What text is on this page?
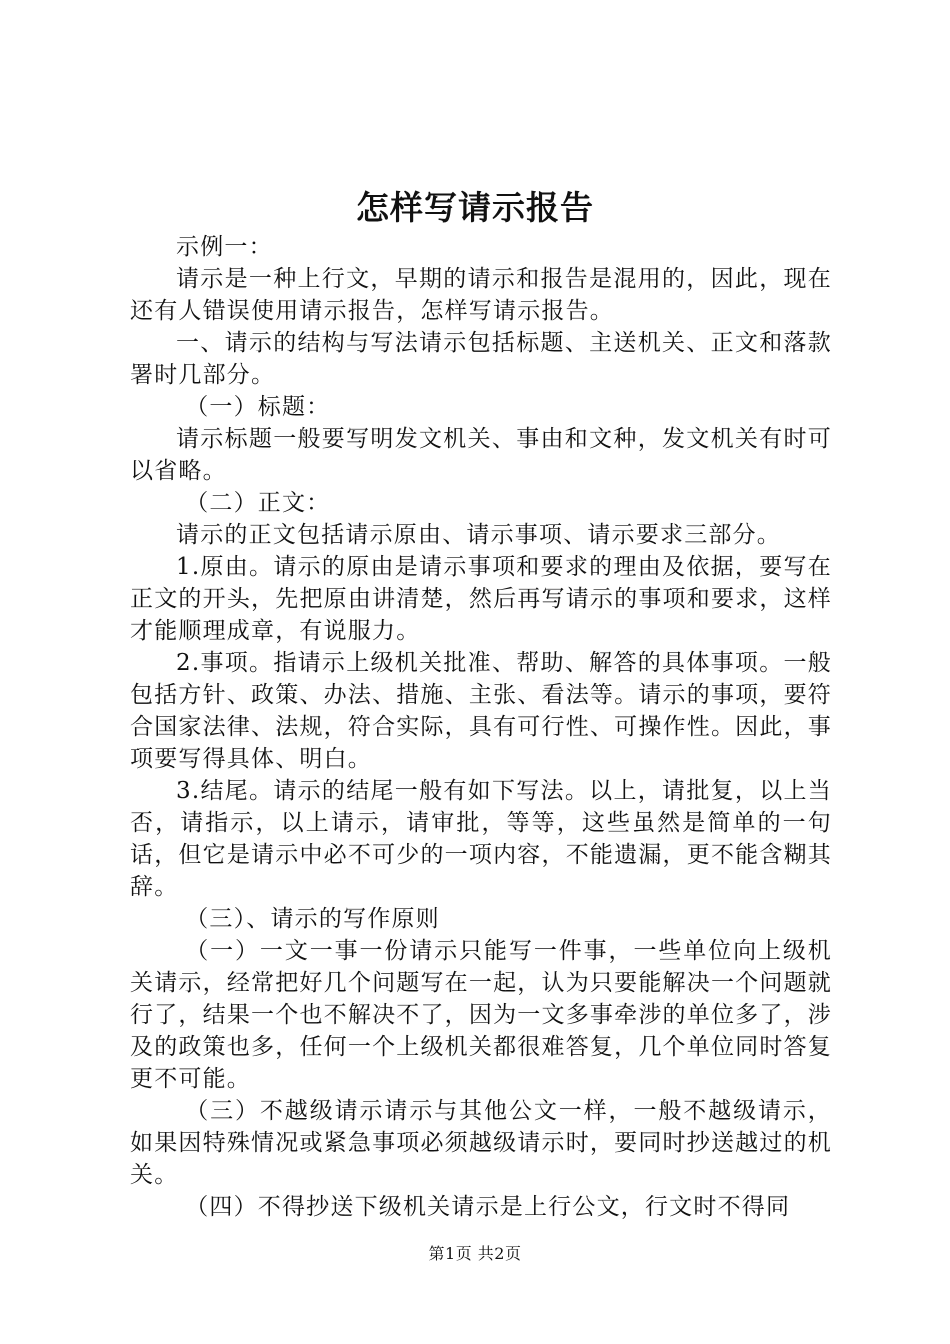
怎样写请示报告

示例一：

请示是一种上行文，早期的请示和报告是混用的，因此，现在还有人错误使用请示报告，怎样写请示报告。

一、请示的结构与写法请示包括标题、主送机关、正文和落款署时几部分。

（一）标题：

请示标题一般要写明发文机关、事由和文种，发文机关有时可以省略。

（二）正文：

请示的正文包括请示原由、请示事项、请示要求三部分。

1.原由。请示的原由是请示事项和要求的理由及依据，要写在正文的开头，先把原由讲清楚，然后再写请示的事项和要求，这样才能顺理成章，有说服力。

2.事项。指请示上级机关批准、帮助、解答的具体事项。一般包括方针、政策、办法、措施、主张、看法等。请示的事项，要符合国家法律、法规，符合实际，具有可行性、可操作性。因此，事项要写得具体、明白。

3.结尾。请示的结尾一般有如下写法。以上，请批复，以上当否，请指示，以上请示，请审批，等等，这些虽然是简单的一句话，但它是请示中必不可少的一项内容，不能遗漏，更不能含糊其辞。

（三）、请示的写作原则

（一）一文一事一份请示只能写一件事，一些单位向上级机关请示，经常把好几个问题写在一起，认为只要能解决一个问题就行了，结果一个也不解决不了，因为一文多事牵涉的单位多了，涉及的政策也多，任何一个上级机关都很难答复，几个单位同时答复更不可能。

（三）不越级请示请示与其他公文一样，一般不越级请示，如果因特殊情况或紧急事项必须越级请示时，要同时抄送越过的机关。

（四）不得抄送下级机关请示是上行公文，行文时不得同

第1页 共2页
